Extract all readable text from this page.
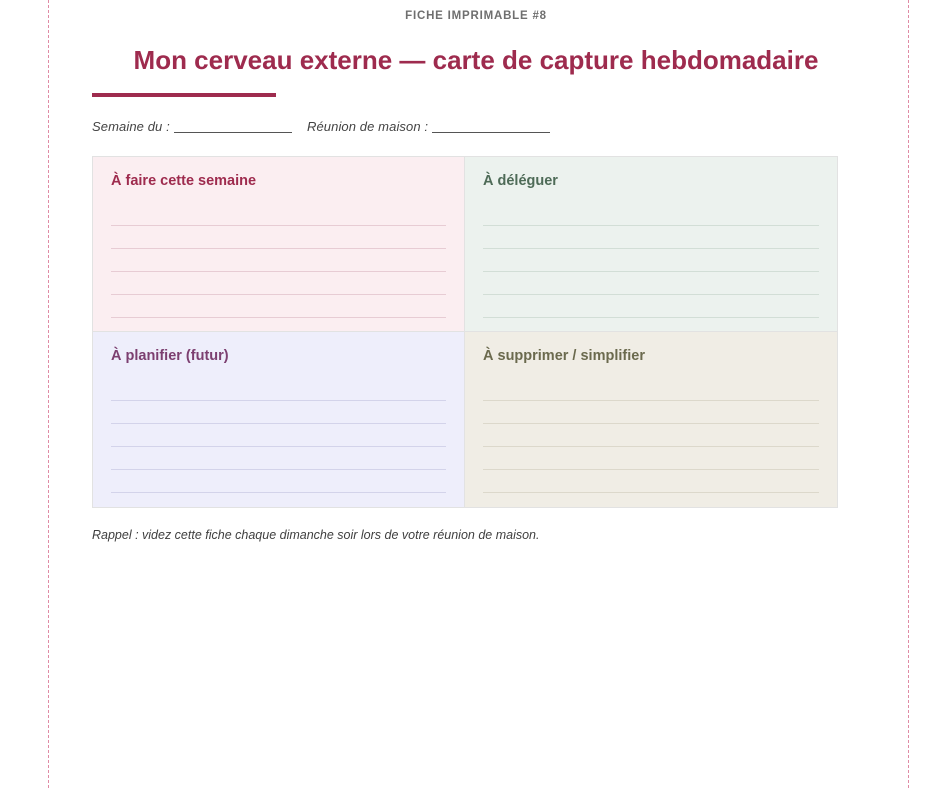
FICHE IMPRIMABLE #8
Mon cerveau externe — carte de capture hebdomadaire
Semaine du :	Réunion de maison :
À faire cette semaine	À déléguer
À planifier (futur)	À supprimer / simplifier
Rappel : videz cette fiche chaque dimanche soir lors de votre réunion de maison.
